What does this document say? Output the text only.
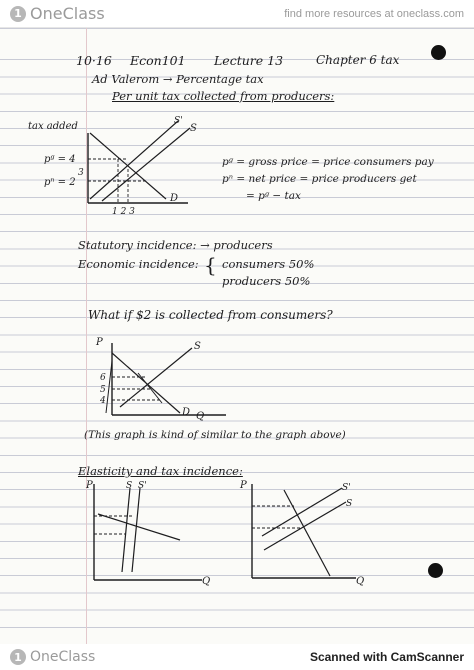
1 OneClass	find more resources at oneclass.com
10·16 Econ101 Lecture 13	Chapter 6 tax
Ad Valerom → Percentage tax
Per unit tax collected from producers:
tax added	S'
S
D
pᵍ = 4
3
pⁿ = 2
1 2 3
pᵍ = gross price = price consumers pay
pⁿ = net price = price producers get
= pᵍ − tax
Statutory incidence: → producers
Economic incidence: { consumers 50%
producers 50%
What if $2 is collected from consumers?
P	S
D Q
6
5
4
(This graph is kind of similar to the graph above)
Elasticity and tax incidence:
P	S S'
Q
P	S'
S
Q
1 OneClass	Scanned with CamScanner
